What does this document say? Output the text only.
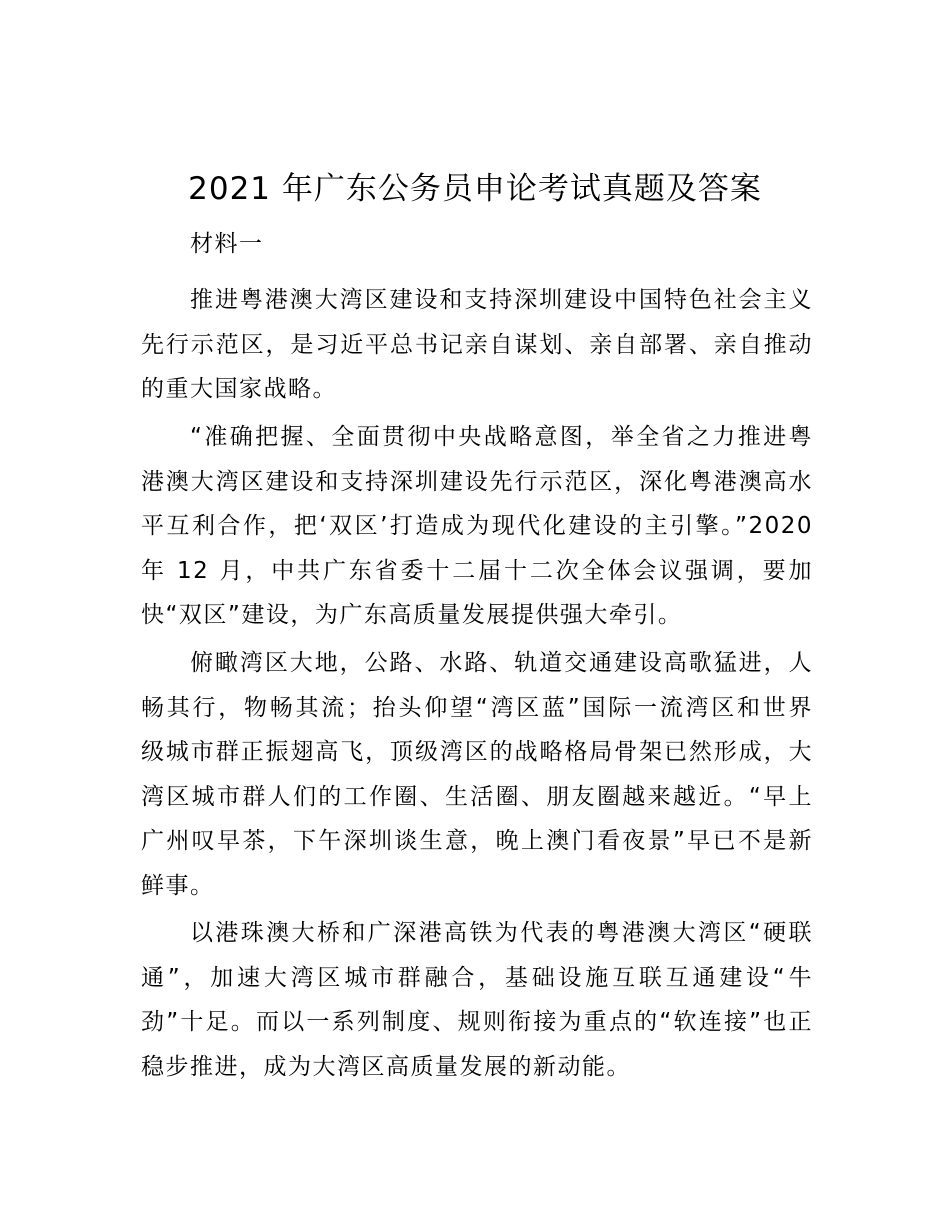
2021 年广东公务员申论考试真题及答案
材料一
推进粤港澳大湾区建设和支持深圳建设中国特色社会主义
先行示范区，是习近平总书记亲自谋划、亲自部署、亲自推动
的重大国家战略。
“准确把握、全面贯彻中央战略意图，举全省之力推进粤
港澳大湾区建设和支持深圳建设先行示范区，深化粤港澳高水
平互利合作，把‘双区’打造成为现代化建设的主引擎。”2020
年 12 月，中共广东省委十二届十二次全体会议强调，要加
快“双区”建设，为广东高质量发展提供强大牵引。
俯瞰湾区大地，公路、水路、轨道交通建设高歌猛进，人
畅其行，物畅其流；抬头仰望“湾区蓝”国际一流湾区和世界
级城市群正振翅高飞，顶级湾区的战略格局骨架已然形成，大
湾区城市群人们的工作圈、生活圈、朋友圈越来越近。“早上
广州叹早茶，下午深圳谈生意，晚上澳门看夜景”早已不是新
鲜事。
以港珠澳大桥和广深港高铁为代表的粤港澳大湾区“硬联
通”，加速大湾区城市群融合，基础设施互联互通建设“牛
劲”十足。而以一系列制度、规则衔接为重点的“软连接”也正
稳步推进，成为大湾区高质量发展的新动能。
